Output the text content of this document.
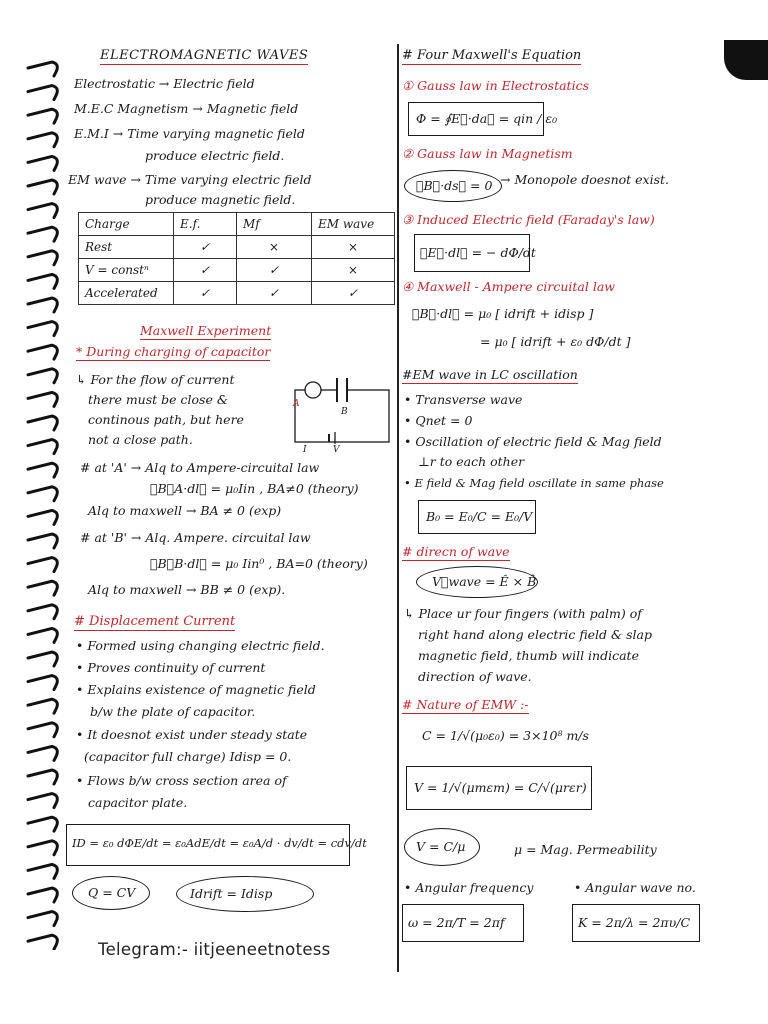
ELECTROMAGNETIC WAVES
Electrostatic → Electric field
M.E.C Magnetism → Magnetic field
E.M.I → Time varying magnetic field
produce electric field.
EM wave → Time varying electric field
produce magnetic field.
Charge	E.f.	Mf	EM wave
Rest	✓	×	×
V = constⁿ	✓	✓	×
Accelerated	✓	✓	✓
Maxwell Experiment
* During charging of capacitor
↳ For the flow of current
there must be close &
continous path, but here
not a close path.
A
B
I	V
# at 'A' → Alq to Ampere-circuital law
∮B⃗A·dl⃗ = μ₀Iin , BA≠0 (theory)
Alq to maxwell → BA ≠ 0 (exp)
# at 'B' → Alq. Ampere. circuital law
∮B⃗B·dl⃗ = μ₀ Iin⁰ , BA=0 (theory)
Alq to maxwell → BB ≠ 0 (exp).
# Displacement Current
• Formed using changing electric field.
• Proves continuity of current
• Explains existence of magnetic field
b/w the plate of capacitor.
• It doesnot exist under steady state
(capacitor full charge) Idisp = 0.
• Flows b/w cross section area of
capacitor plate.
ID = ε₀ dΦE/dt = ε₀AdE/dt = ε₀A/d · dv/dt = cdv/dt
Q = CV	Idrift = Idisp
Telegram:- iitjeeneetnotess
# Four Maxwell's Equation
① Gauss law in Electrostatics
Φ = ∮E⃗·da⃗ = qin / ε₀
② Gauss law in Magnetism
∮B⃗·ds⃗ = 0 → Monopole doesnot exist.
③ Induced Electric field (Faraday's law)
∮E⃗·dl⃗ = − dΦ/dt
④ Maxwell - Ampere circuital law
∮B⃗·dl⃗ = μ₀ [ idrift + idisp ]
= μ₀ [ idrift + ε₀ dΦ/dt ]
#EM wave in LC oscillation
• Transverse wave
• Qnet = 0
• Oscillation of electric field & Mag field
⊥r to each other
• E field & Mag field oscillate in same phase
B₀ = E₀/C = E₀/V
# direcn of wave
V⃗wave = Ê × B̂
↳ Place ur four fingers (with palm) of
right hand along electric field & slap
magnetic field, thumb will indicate
direction of wave.
# Nature of EMW :-
C = 1/√(μ₀ε₀) = 3×10⁸ m/s
V = 1/√(μmεm) = C/√(μrεr)
V = C/μ	μ = Mag. Permeability
• Angular frequency	• Angular wave no.
ω = 2π/T = 2πf	K = 2π/λ = 2πυ/C
